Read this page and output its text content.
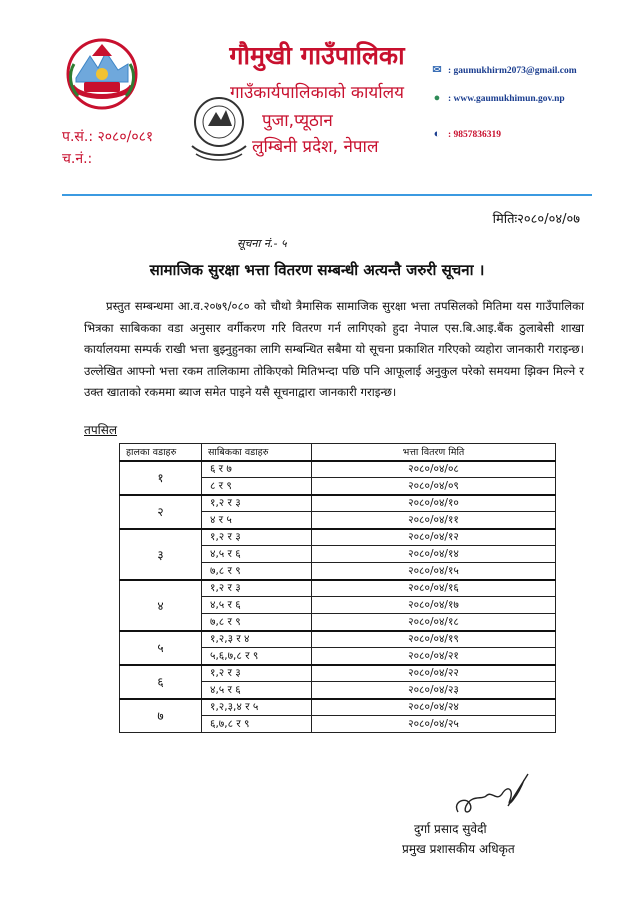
गौमुखी गाउँपालिका
गाउँकार्यपालिकाको कार्यालय
पुजा,प्यूठान
लुम्बिनी प्रदेश, नेपाल
प.सं.: २०८०/०८१
च.नं.:
✉ : gaumukhirm2073@gmail.com
● : www.gaumukhimun.gov.np
◐ : 9857836319
मितिः२०८०/०४/०७
सूचना नं.- ५
सामाजिक सुरक्षा भत्ता वितरण सम्बन्धी अत्यन्तै जरुरी सूचना ।
प्रस्तुत सम्बन्धमा आ.व.२०७९/०८० को चौथो त्रैमासिक सामाजिक सुरक्षा भत्ता तपसिलको मितिमा यस गाउँपालिका भित्रका साबिकका वडा अनुसार वर्गीकरण गरि वितरण गर्न लागिएको हुदा नेपाल एस.बि.आइ.बैंक ठुलाबेसी शाखा कार्यालयमा सम्पर्क राखी भत्ता बुझ्नुहुनका लागि सम्बन्धित सबैमा यो सूचना प्रकाशित गरिएको व्यहोरा जानकारी गराइन्छ।उल्लेखित आफ्नो भत्ता रकम तालिकामा तोकिएको मितिभन्दा पछि पनि आफूलाई अनुकुल परेको समयमा झिक्न मिल्ने र उक्त खाताको रकममा ब्याज समेत पाइने यसै सूचनाद्वारा जानकारी गराइन्छ।
तपसिल
हालका वडाहरु	साबिकका वडाहरु	भत्ता वितरण मिति
१	६ र ७	२०८०/०४/०८
	८ र ९	२०८०/०४/०९
२	१,२ र ३	२०८०/०४/१०
	४ र ५	२०८०/०४/११
३	१,२ र ३	२०८०/०४/१२
	४,५ र ६	२०८०/०४/१४
	७,८ र ९	२०८०/०४/१५
४	१,२ र ३	२०८०/०४/१६
	४,५ र ६	२०८०/०४/१७
	७,८ र ९	२०८०/०४/१८
५	१,२,३ र ४	२०८०/०४/१९
	५,६,७,८ र ९	२०८०/०४/२१
६	१,२ र ३	२०८०/०४/२२
	४,५ र ६	२०८०/०४/२३
७	१,२,३,४ र ५	२०८०/०४/२४
	६,७,८ र ९	२०८०/०४/२५
दुर्गा प्रसाद सुवेदी
प्रमुख प्रशासकीय अधिकृत
